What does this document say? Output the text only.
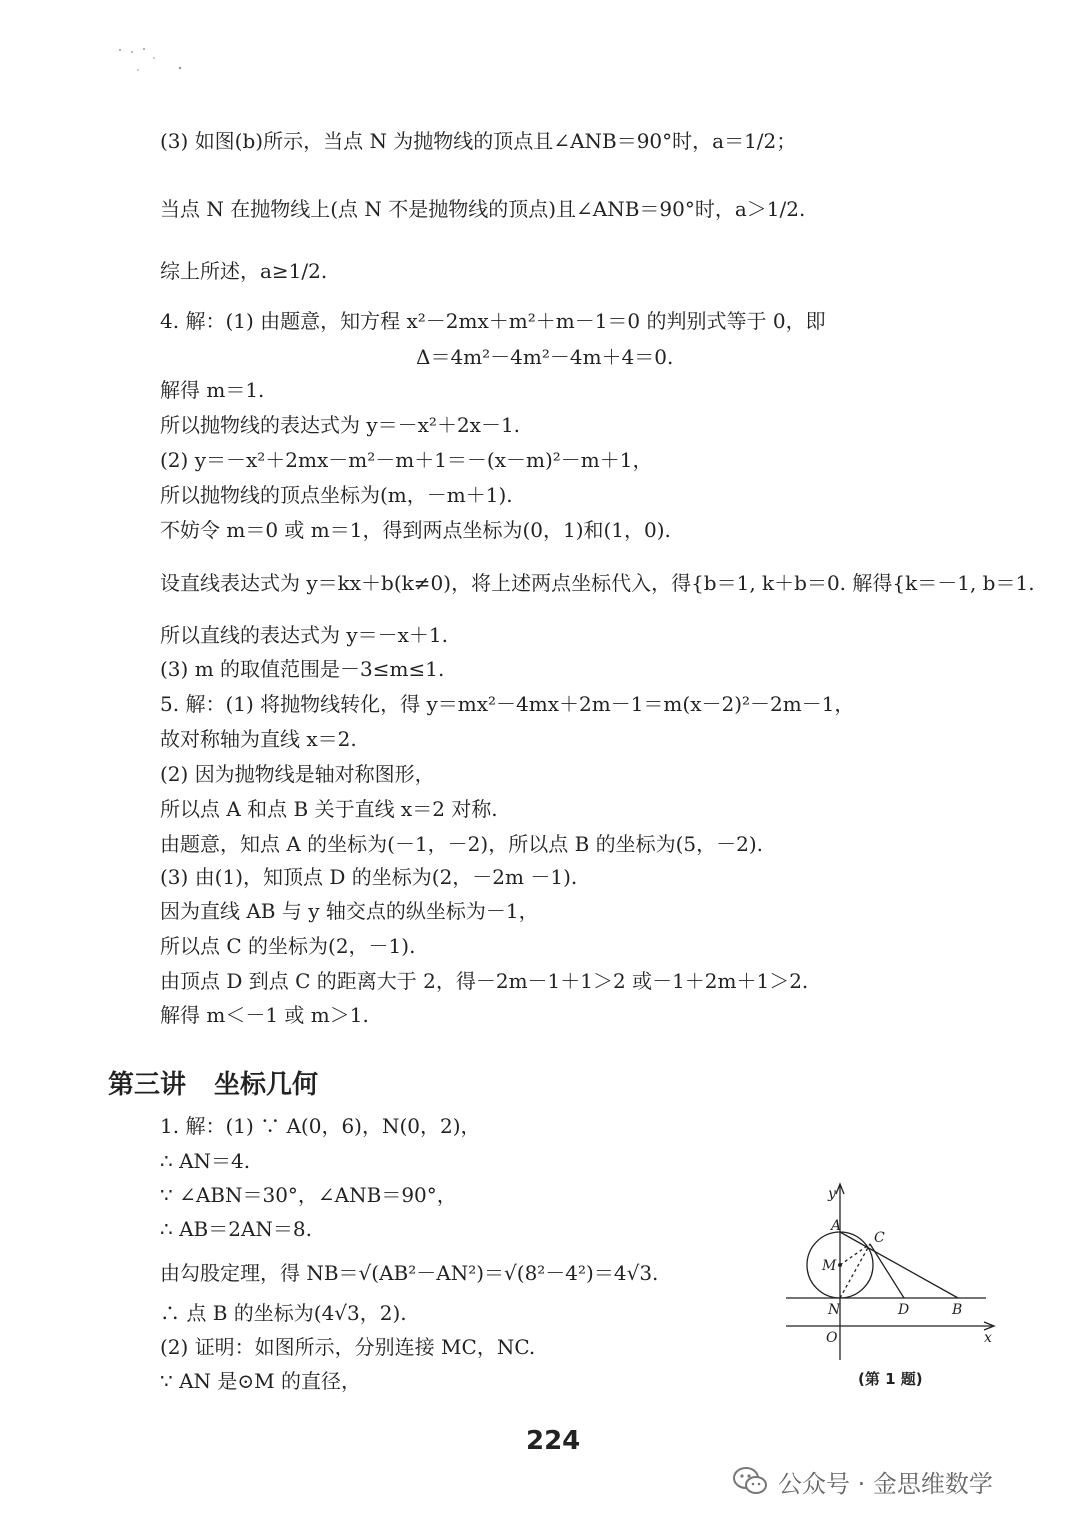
(3) 如图(b)所示，当点 N 为抛物线的顶点且∠ANB＝90°时，a＝1/2；
当点 N 在抛物线上(点 N 不是抛物线的顶点)且∠ANB＝90°时，a＞1/2.
综上所述，a≥1/2.
4. 解：(1) 由题意，知方程 x²－2mx＋m²＋m－1＝0 的判别式等于 0，即
Δ＝4m²－4m²－4m＋4＝0.
解得 m＝1.
所以抛物线的表达式为 y＝－x²＋2x－1.
(2) y＝－x²＋2mx－m²－m＋1＝－(x－m)²－m＋1，
所以抛物线的顶点坐标为(m，－m＋1).
不妨令 m＝0 或 m＝1，得到两点坐标为(0，1)和(1，0).
设直线表达式为 y＝kx＋b(k≠0)，将上述两点坐标代入，得{b＝1, k＋b＝0. 解得{k＝－1, b＝1.
所以直线的表达式为 y＝－x＋1.
(3) m 的取值范围是－3≤m≤1.
5. 解：(1) 将抛物线转化，得 y＝mx²－4mx＋2m－1＝m(x－2)²－2m－1，
故对称轴为直线 x＝2.
(2) 因为抛物线是轴对称图形，
所以点 A 和点 B 关于直线 x＝2 对称.
由题意，知点 A 的坐标为(－1，－2)，所以点 B 的坐标为(5，－2).
(3) 由(1)，知顶点 D 的坐标为(2，－2m －1).
因为直线 AB 与 y 轴交点的纵坐标为－1，
所以点 C 的坐标为(2，－1).
由顶点 D 到点 C 的距离大于 2，得－2m－1＋1＞2 或－1＋2m＋1＞2.
解得 m＜－1 或 m＞1.
第三讲 坐标几何
1. 解：(1) ∵ A(0，6)，N(0，2)，
∴ AN＝4.
∵ ∠ABN＝30°，∠ANB＝90°，
∴ AB＝2AN＝8.
由勾股定理，得 NB＝√(AB²－AN²)＝√(8²－4²)＝4√3.
∴ 点 B 的坐标为(4√3，2).
(2) 证明：如图所示，分别连接 MC，NC.
∵ AN 是⊙M 的直径，
y
A
C
M
N	D	B
O	x
(第 1 题)
224
公众号 · 金思维数学
